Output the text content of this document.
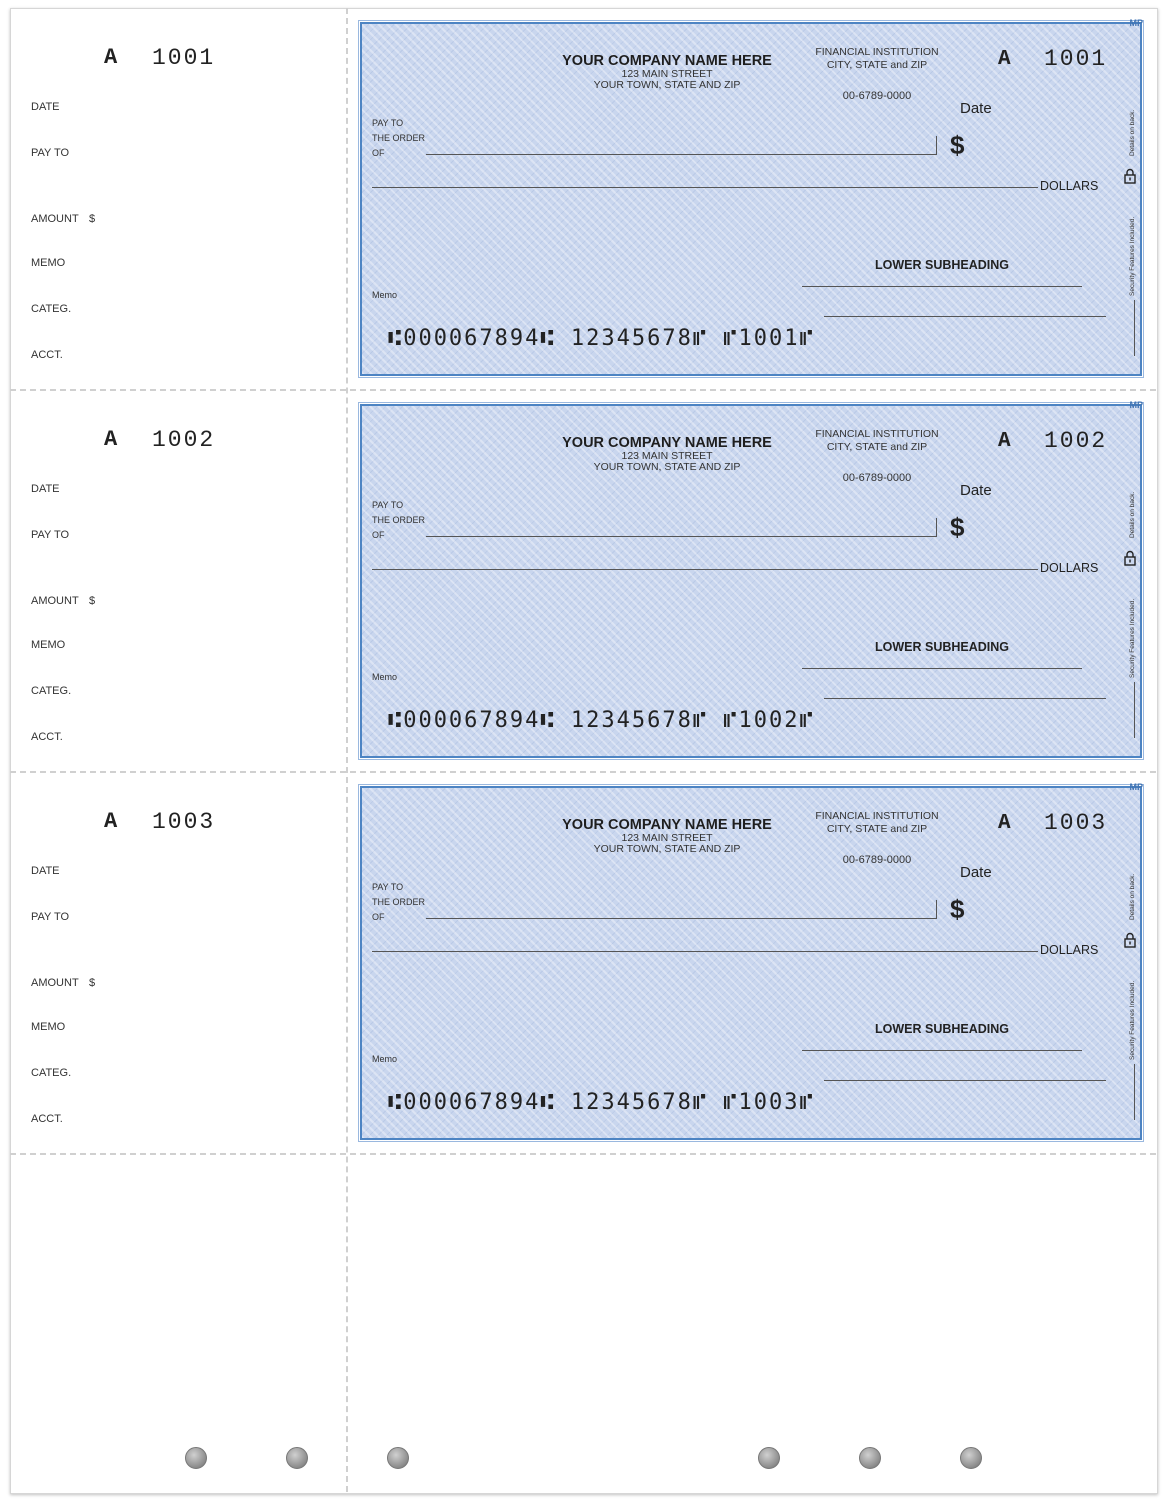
A 1001
DATE
PAY TO
AMOUNT $
MEMO
CATEG.
ACCT.
MP
YOUR COMPANY NAME HERE
123 MAIN STREET
YOUR TOWN, STATE AND ZIP
FINANCIAL INSTITUTION
CITY, STATE and ZIP
00-6789-0000
A 1001
Date
PAY TO
THE ORDER
OF	$
DOLLARS
Details on back.
Security Features Included.
LOWER SUBHEADING
Memo
⑆000067894⑆ 12345678⑈ ⑈1001⑈
A 1002
DATE
PAY TO
AMOUNT $
MEMO
CATEG.
ACCT.
MP
YOUR COMPANY NAME HERE
123 MAIN STREET
YOUR TOWN, STATE AND ZIP
FINANCIAL INSTITUTION
CITY, STATE and ZIP
00-6789-0000
A 1002
Date
PAY TO
THE ORDER
OF	$
DOLLARS
Details on back.
Security Features Included.
LOWER SUBHEADING
Memo
⑆000067894⑆ 12345678⑈ ⑈1002⑈
A 1003
DATE
PAY TO
AMOUNT $
MEMO
CATEG.
ACCT.
MP
YOUR COMPANY NAME HERE
123 MAIN STREET
YOUR TOWN, STATE AND ZIP
FINANCIAL INSTITUTION
CITY, STATE and ZIP
00-6789-0000
A 1003
Date
PAY TO
THE ORDER
OF	$
DOLLARS
Details on back.
Security Features Included.
LOWER SUBHEADING
Memo
⑆000067894⑆ 12345678⑈ ⑈1003⑈
